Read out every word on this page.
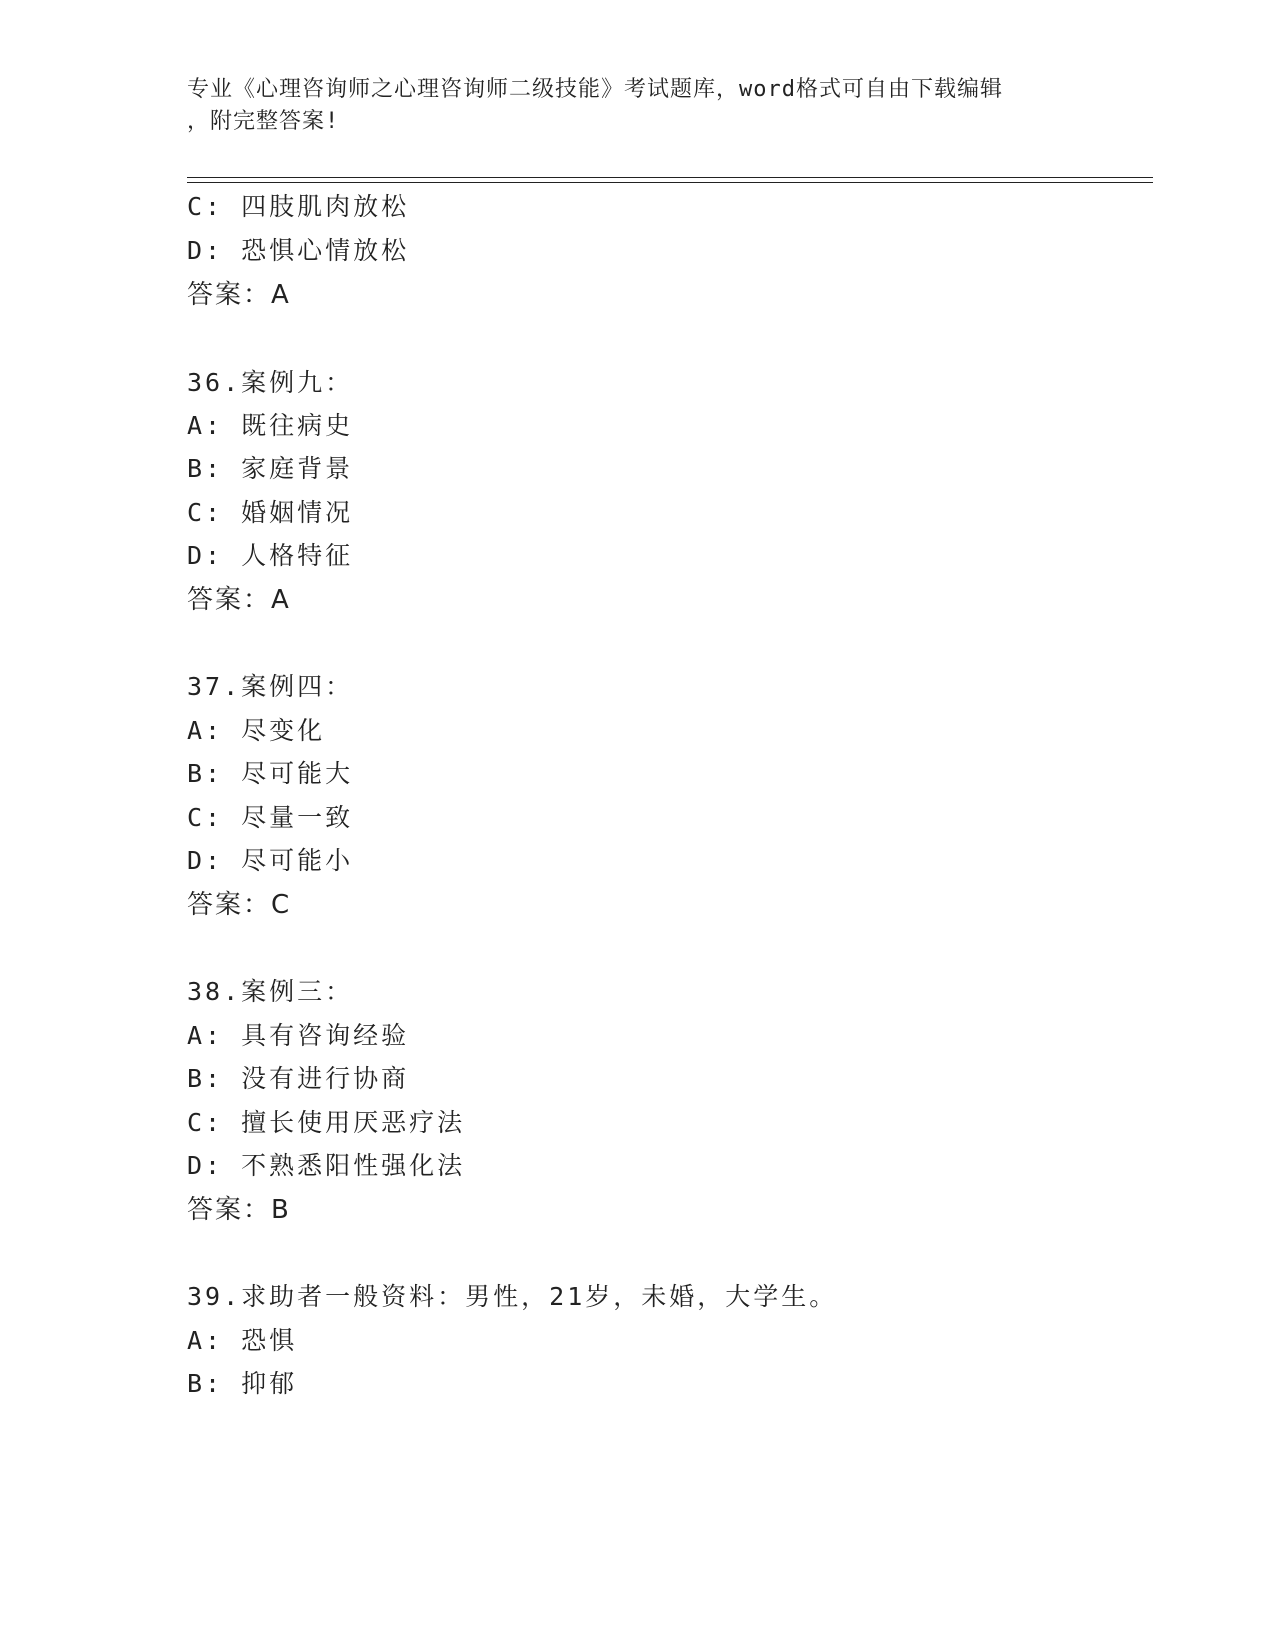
专业《心理咨询师之心理咨询师二级技能》考试题库，word格式可自由下载编辑
，附完整答案!
C: 四肢肌肉放松
D: 恐惧心情放松
答案：A
36.案例九：
A: 既往病史
B: 家庭背景
C: 婚姻情况
D: 人格特征
答案：A
37.案例四：
A: 尽变化
B: 尽可能大
C: 尽量一致
D: 尽可能小
答案：C
38.案例三：
A: 具有咨询经验
B: 没有进行协商
C: 擅长使用厌恶疗法
D: 不熟悉阳性强化法
答案：B
39.求助者一般资料：男性，21岁，未婚，大学生。
A: 恐惧
B: 抑郁
